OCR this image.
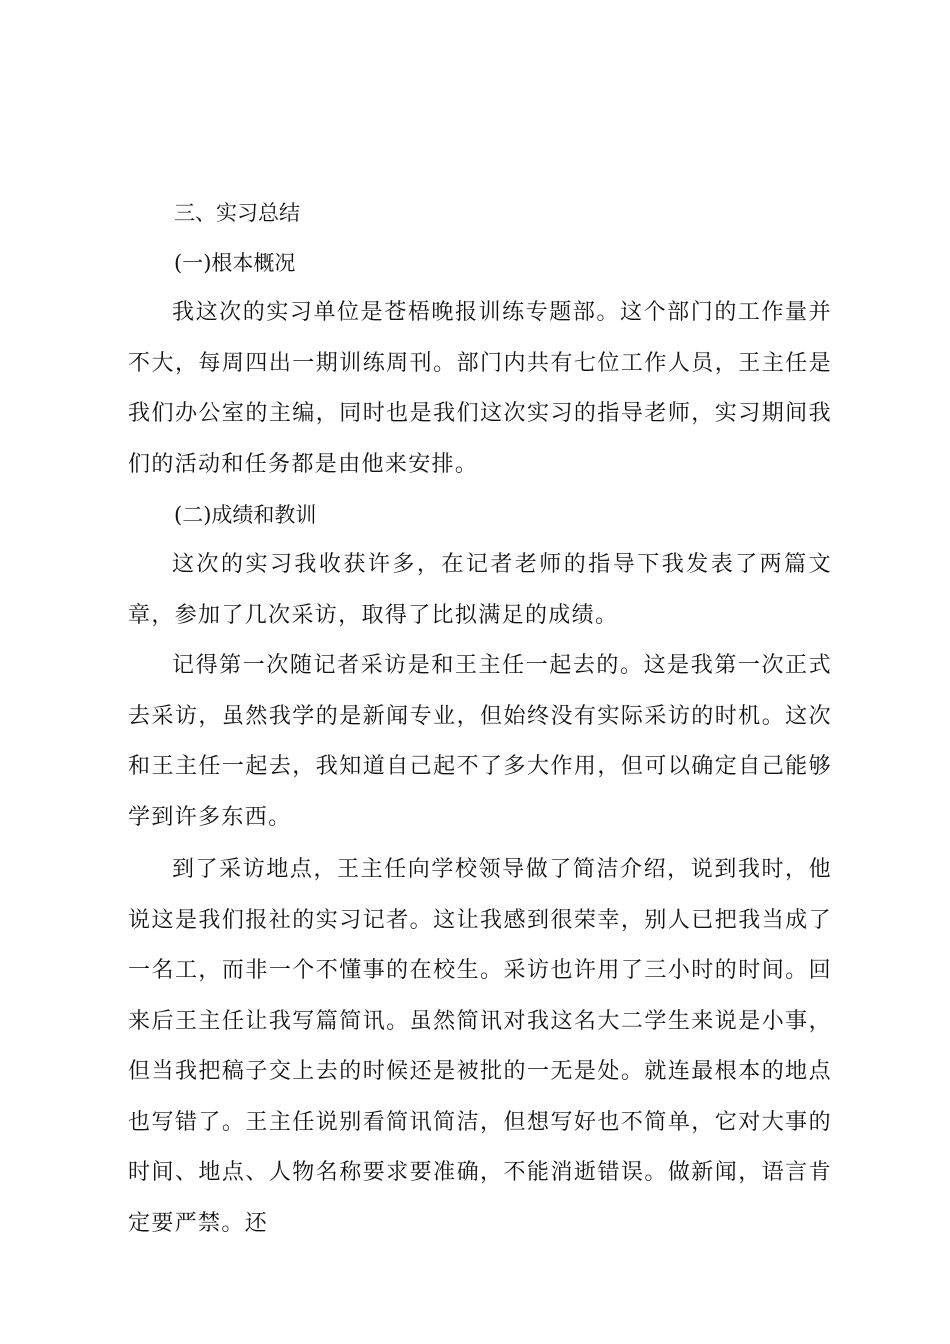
三、实习总结

(一)根本概况

我这次的实习单位是苍梧晚报训练专题部。这个部门的工作量并不大，每周四出一期训练周刊。部门内共有七位工作人员，王主任是我们办公室的主编，同时也是我们这次实习的指导老师，实习期间我们的活动和任务都是由他来安排。

(二)成绩和教训

这次的实习我收获许多，在记者老师的指导下我发表了两篇文章，参加了几次采访，取得了比拟满足的成绩。

记得第一次随记者采访是和王主任一起去的。这是我第一次正式去采访，虽然我学的是新闻专业，但始终没有实际采访的时机。这次和王主任一起去，我知道自己起不了多大作用，但可以确定自己能够学到许多东西。

到了采访地点，王主任向学校领导做了简洁介绍，说到我时，他说这是我们报社的实习记者。这让我感到很荣幸，别人已把我当成了一名工，而非一个不懂事的在校生。采访也许用了三小时的时间。回来后王主任让我写篇简讯。虽然简讯对我这名大二学生来说是小事，但当我把稿子交上去的时候还是被批的一无是处。就连最根本的地点也写错了。王主任说别看简讯简洁，但想写好也不简单，它对大事的时间、地点、人物名称要求要准确，不能消逝错误。做新闻，语言肯定要严禁。还
